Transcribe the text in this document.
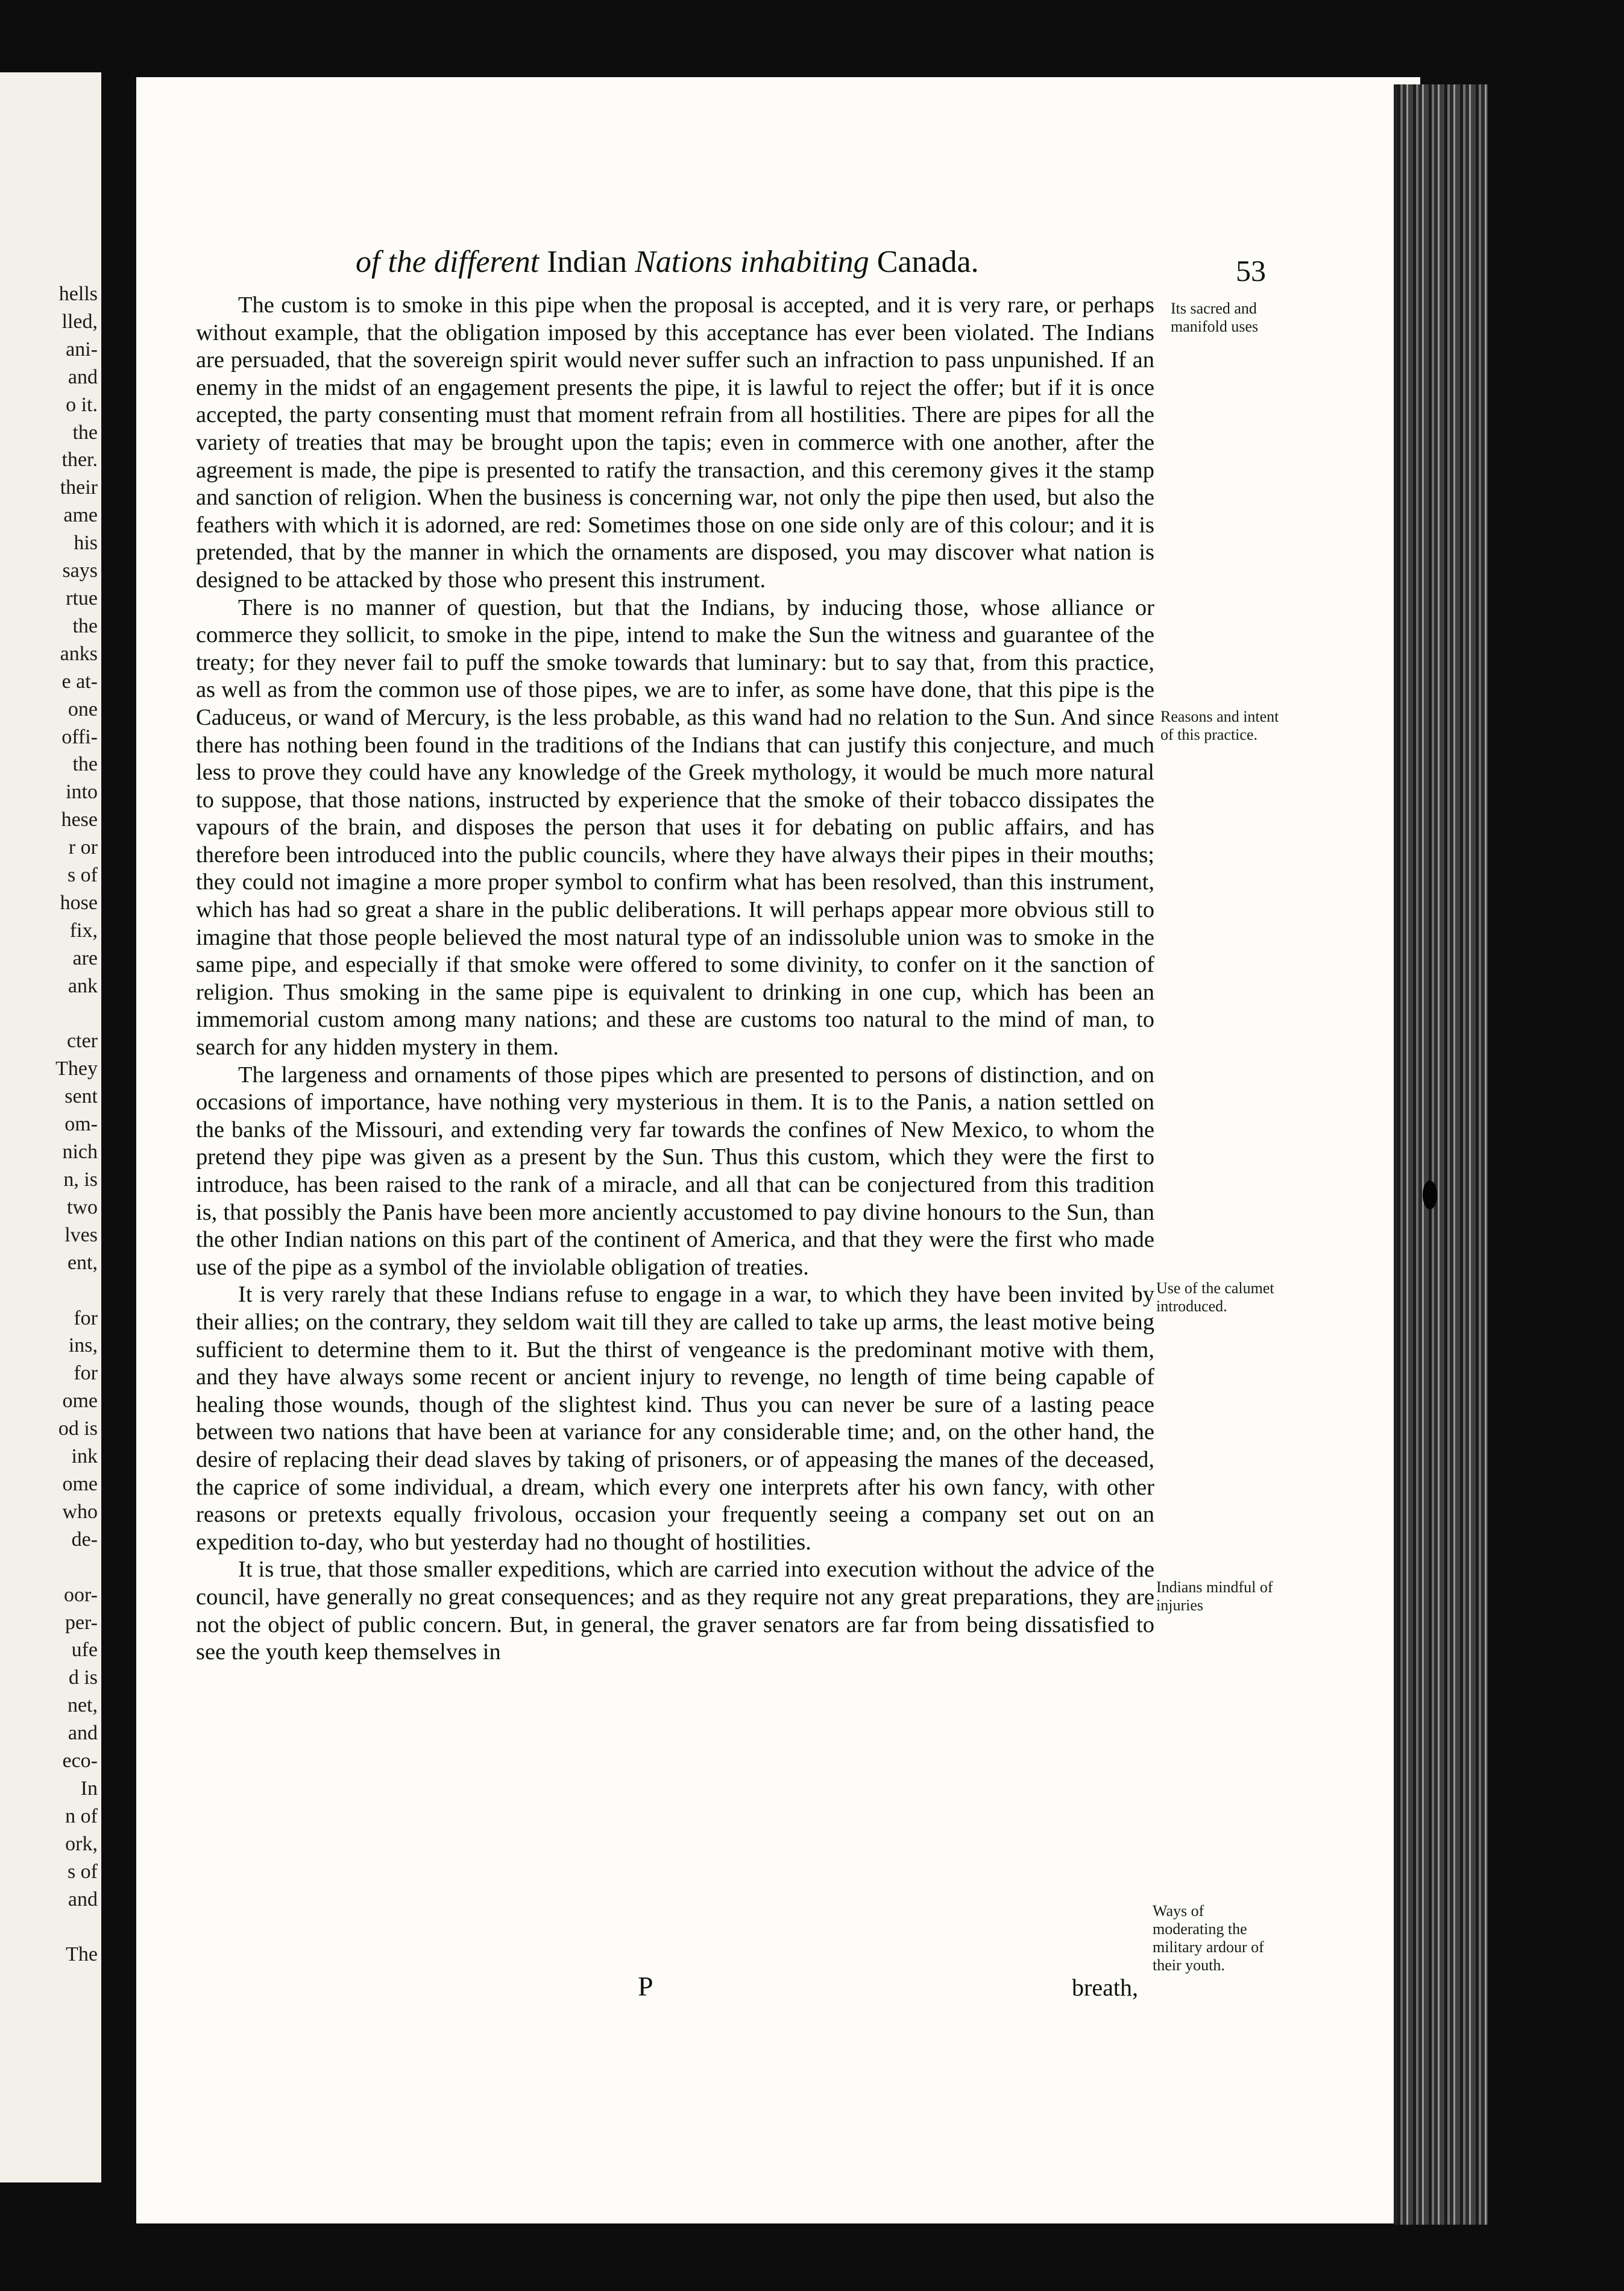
hells
lled,
ani-
and
o it.
the
ther.
their
ame
his
says
rtue
the
anks
e at-
one
offi-
the
into
hese
r or
s of
hose
fix,
are
ank

cter
They
sent
om-
nich
n, is
two
lves
ent,

for
ins,
for
ome
od is
ink
ome
who
de-

oor-
per-
ufe
d is
net,
and
eco-
In
n of
ork,
s of
and

The
of the different Indian Nations inhabiting Canada.	53

The custom is to smoke in this pipe when the proposal is accepted, and it is very rare, or perhaps without example, that the obligation imposed by this acceptance has ever been violated. The Indians are persuaded, that the sovereign spirit would never suffer such an infraction to pass unpunished. If an enemy in the midst of an engagement presents the pipe, it is lawful to reject the offer; but if it is once accepted, the party consenting must that moment refrain from all hostilities. There are pipes for all the variety of treaties that may be brought upon the tapis; even in commerce with one another, after the agreement is made, the pipe is presented to ratify the transaction, and this ceremony gives it the stamp and sanction of religion. When the business is concerning war, not only the pipe then used, but also the feathers with which it is adorned, are red: Sometimes those on one side only are of this colour; and it is pretended, that by the manner in which the ornaments are disposed, you may discover what nation is designed to be attacked by those who present this instrument.

There is no manner of question, but that the Indians, by inducing those, whose alliance or commerce they sollicit, to smoke in the pipe, intend to make the Sun the witness and guarantee of the treaty; for they never fail to puff the smoke towards that luminary: but to say that, from this practice, as well as from the common use of those pipes, we are to infer, as some have done, that this pipe is the Caduceus, or wand of Mercury, is the less probable, as this wand had no relation to the Sun. And since there has nothing been found in the traditions of the Indians that can justify this conjecture, and much less to prove they could have any knowledge of the Greek mythology, it would be much more natural to suppose, that those nations, instructed by experience that the smoke of their tobacco dissipates the vapours of the brain, and disposes the person that uses it for debating on public affairs, and has therefore been introduced into the public councils, where they have always their pipes in their mouths; they could not imagine a more proper symbol to confirm what has been resolved, than this instrument, which has had so great a share in the public deliberations. It will perhaps appear more obvious still to imagine that those people believed the most natural type of an indissoluble union was to smoke in the same pipe, and especially if that smoke were offered to some divinity, to confer on it the sanction of religion. Thus smoking in the same pipe is equivalent to drinking in one cup, which has been an immemorial custom among many nations; and these are customs too natural to the mind of man, to search for any hidden mystery in them.

The largeness and ornaments of those pipes which are presented to persons of distinction, and on occasions of importance, have nothing very mysterious in them. It is to the Panis, a nation settled on the banks of the Missouri, and extending very far towards the confines of New Mexico, to whom the pretend they pipe was given as a present by the Sun. Thus this custom, which they were the first to introduce, has been raised to the rank of a miracle, and all that can be conjectured from this tradition is, that possibly the Panis have been more anciently accustomed to pay divine honours to the Sun, than the other Indian nations on this part of the continent of America, and that they were the first who made use of the pipe as a symbol of the inviolable obligation of treaties.

It is very rarely that these Indians refuse to engage in a war, to which they have been invited by their allies; on the contrary, they seldom wait till they are called to take up arms, the least motive being sufficient to determine them to it. But the thirst of vengeance is the predominant motive with them, and they have always some recent or ancient injury to revenge, no length of time being capable of healing those wounds, though of the slightest kind. Thus you can never be sure of a lasting peace between two nations that have been at variance for any considerable time; and, on the other hand, the desire of replacing their dead slaves by taking of prisoners, or of appeasing the manes of the deceased, the caprice of some individual, a dream, which every one interprets after his own fancy, with other reasons or pretexts equally frivolous, occasion your frequently seeing a company set out on an expedition to-day, who but yesterday had no thought of hostilities.

It is true, that those smaller expeditions, which are carried into execution without the advice of the council, have generally no great consequences; and as they require not any great preparations, they are not the object of public concern. But, in general, the graver senators are far from being dissatisfied to see the youth keep themselves in

Its sacred and manifold uses

Reasons and intent of this practice.

Use of the calumet introduced.

Indians mindful of injuries

Ways of moderating the military ardour of their youth.

P	breath,
